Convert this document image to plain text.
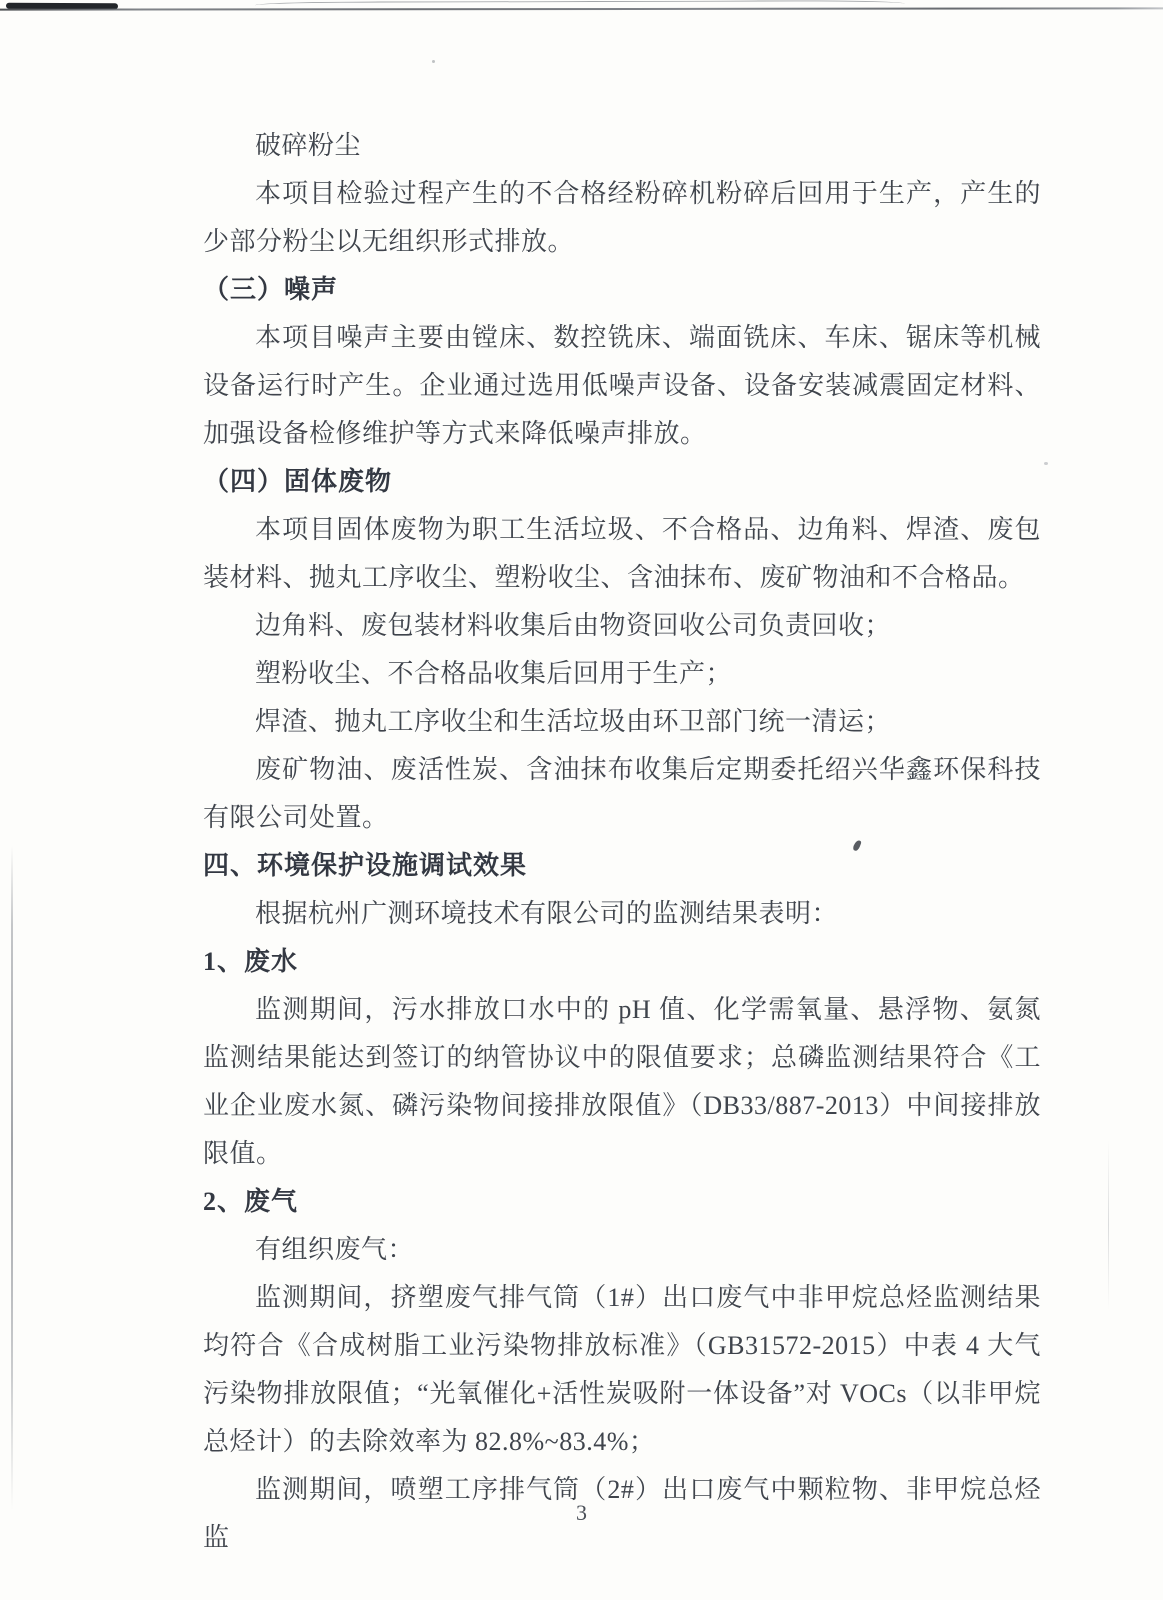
破碎粉尘
本项目检验过程产生的不合格经粉碎机粉碎后回用于生产，产生的少部分粉尘以无组织形式排放。
（三）噪声
本项目噪声主要由镗床、数控铣床、端面铣床、车床、锯床等机械设备运行时产生。企业通过选用低噪声设备、设备安装减震固定材料、加强设备检修维护等方式来降低噪声排放。
（四）固体废物
本项目固体废物为职工生活垃圾、不合格品、边角料、焊渣、废包装材料、抛丸工序收尘、塑粉收尘、含油抹布、废矿物油和不合格品。
边角料、废包装材料收集后由物资回收公司负责回收；
塑粉收尘、不合格品收集后回用于生产；
焊渣、抛丸工序收尘和生活垃圾由环卫部门统一清运；
废矿物油、废活性炭、含油抹布收集后定期委托绍兴华鑫环保科技有限公司处置。
四、环境保护设施调试效果
根据杭州广测环境技术有限公司的监测结果表明：
1、废水
监测期间，污水排放口水中的 pH 值、化学需氧量、悬浮物、氨氮监测结果能达到签订的纳管协议中的限值要求；总磷监测结果符合《工业企业废水氮、磷污染物间接排放限值》（DB33/887-2013）中间接排放限值。
2、废气
有组织废气：
监测期间，挤塑废气排气筒（1#）出口废气中非甲烷总烃监测结果均符合《合成树脂工业污染物排放标准》（GB31572-2015）中表 4 大气污染物排放限值；“光氧催化+活性炭吸附一体设备”对 VOCs（以非甲烷总烃计）的去除效率为 82.8%~83.4%；
监测期间，喷塑工序排气筒（2#）出口废气中颗粒物、非甲烷总烃监
3
